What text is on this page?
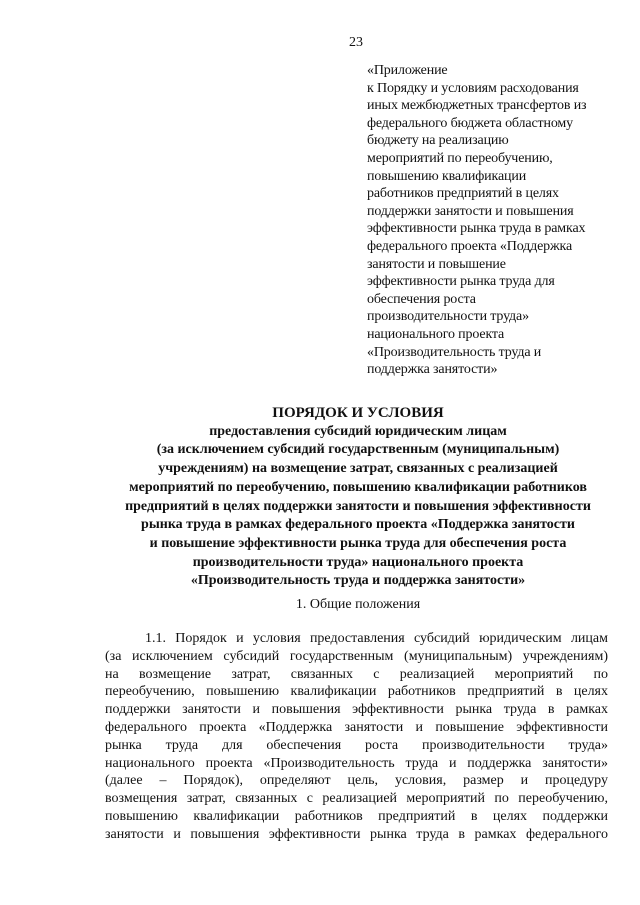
23
«Приложение
к Порядку и условиям расходования
иных межбюджетных трансфертов из
федерального бюджета областному
бюджету на реализацию
мероприятий по переобучению,
повышению квалификации
работников предприятий в целях
поддержки занятости и повышения
эффективности рынка труда в рамках
федерального проекта «Поддержка
занятости и повышение
эффективности рынка труда для
обеспечения роста
производительности труда»
национального проекта
«Производительность труда и
поддержка занятости»
ПОРЯДОК И УСЛОВИЯ
предоставления субсидий юридическим лицам
(за исключением субсидий государственным (муниципальным)
учреждениям) на возмещение затрат, связанных с реализацией
мероприятий по переобучению, повышению квалификации работников
предприятий в целях поддержки занятости и повышения эффективности
рынка труда в рамках федерального проекта «Поддержка занятости
и повышение эффективности рынка труда для обеспечения роста
производительности труда» национального проекта
«Производительность труда и поддержка занятости»
1. Общие положения
1.1. Порядок и условия предоставления субсидий юридическим лицам
(за исключением субсидий государственным (муниципальным) учреждениям)
на возмещение затрат, связанных с реализацией мероприятий по
переобучению, повышению квалификации работников предприятий в целях
поддержки занятости и повышения эффективности рынка труда в рамках
федерального проекта «Поддержка занятости и повышение эффективности
рынка труда для обеспечения роста производительности труда»
национального проекта «Производительность труда и поддержка занятости»
(далее – Порядок), определяют цель, условия, размер и процедуру
возмещения затрат, связанных с реализацией мероприятий по переобучению,
повышению квалификации работников предприятий в целях поддержки
занятости и повышения эффективности рынка труда в рамках федерального
